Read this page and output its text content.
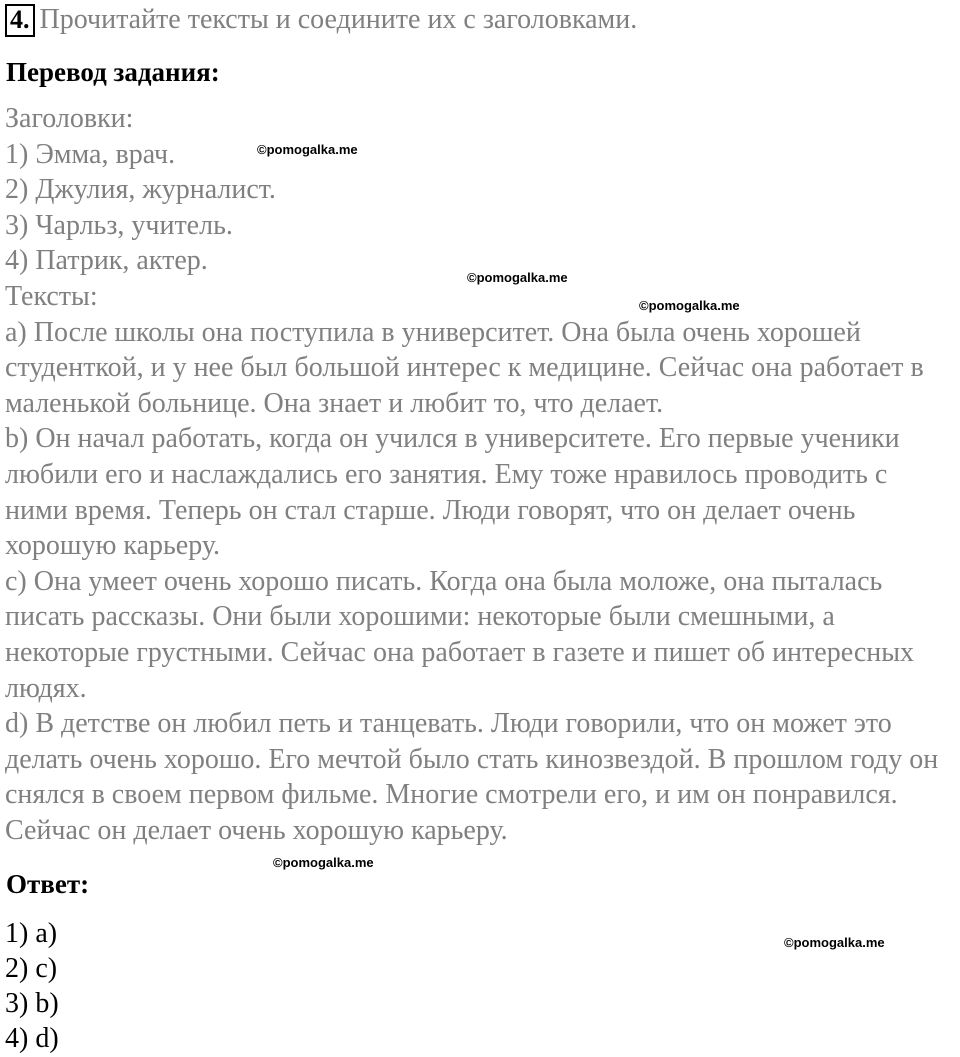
4. Прочитайте тексты и соедините их с заголовками.
Перевод задания:

Заголовки:

1) Эмма, врач.

2) Джулия, журналист.

3) Чарльз, учитель.

4) Патрик, актер.

Тексты:

a) После школы она поступила в университет. Она была очень хорошей студенткой, и у нее был большой интерес к медицине. Сейчас она работает в маленькой больнице. Она знает и любит то, что делает.

b) Он начал работать, когда он учился в университете. Его первые ученики любили его и наслаждались его занятия. Ему тоже нравилось проводить с ними время. Теперь он стал старше. Люди говорят, что он делает очень хорошую карьеру.

c) Она умеет очень хорошо писать. Когда она была моложе, она пыталась писать рассказы. Они были хорошими: некоторые были смешными, а некоторые грустными. Сейчас она работает в газете и пишет об интересных людях.

d) В детстве он любил петь и танцевать. Люди говорили, что он может это делать очень хорошо. Его мечтой было стать кинозвездой. В прошлом году он снялся в своем первом фильме. Многие смотрели его, и им он понравился. Сейчас он делает очень хорошую карьеру.

Ответ:

1) a)

2) c)

3) b)

4) d)

©pomogalka.me
©pomogalka.me
©pomogalka.me
©pomogalka.me
©pomogalka.me
